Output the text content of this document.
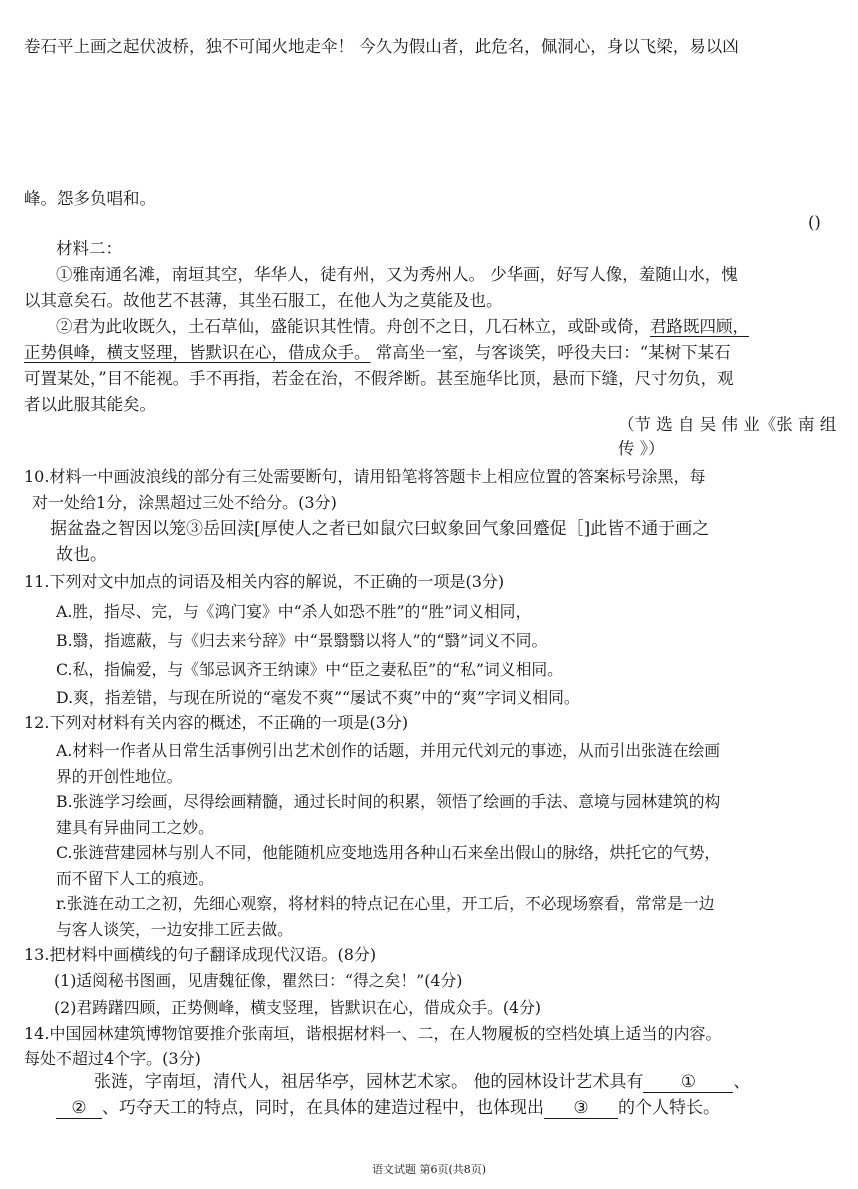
卷石平上画之起伏波桥，独不可闻火地走伞！ 今久为假山者，此危名，佩洞心，身以飞梁，易以凶
峰。怨多负唱和。
()
材料二：
①雅南通名滩，南垣其空，华华人，徒有州，又为秀州人。 少华画，好写人像，羞随山水，愧
以其意矣石。故他艺不甚薄，其坐石服工，在他人为之莫能及也。
②君为此收既久，土石草仙，盛能识其性情。舟创不之日，几石林立，或卧或倚，君路既四顾，
正势俱峰，横支竖理，皆默识在心，借成众手。 常高坐一室，与客谈笑，呼役夫曰：“某树下某石
可置某处，”目不能视。手不再指，若金在治，不假斧断。甚至施华比顶，悬而下缝，尺寸勿负，观
者以此服其能矣。
（节 选 自 吴 伟 业《张 南 组
传 》）
10.材料一中画波浪线的部分有三处需要断句，请用铅笔将答题卡上相应位置的答案标号涂黑，每
对一处给1分，涂黑超过三处不给分。(3分)
据盆盎之智因以笼③岳回渎[厚使人之者已如鼠穴曰蚁象回气象回蹙促［]此皆不通于画之
故也。
11.下列对文中加点的词语及相关内容的解说，不正确的一项是(3分)
A.胜，指尽、完，与《鸿门宴》中“杀人如恐不胜”的“胜”词义相同，
B.翳，指遮蔽，与《归去来兮辞》中“景翳翳以将人”的“翳”词义不同。
C.私，指偏爱，与《邹忌讽齐王纳谏》中“臣之妻私臣”的“私”词义相同。
D.爽，指差错，与现在所说的“毫发不爽”“屡试不爽”中的“爽”字词义相同。
12.下列对材料有关内容的概述，不正确的一项是(3分)
A.材料一作者从日常生活事例引出艺术创作的话题，并用元代刘元的事迹，从而引出张涟在绘画
界的开创性地位。
B.张涟学习绘画，尽得绘画精髓，通过长时间的积累，领悟了绘画的手法、意境与园林建筑的构
建具有异曲同工之妙。
C.张涟营建园林与别人不同，他能随机应变地选用各种山石来垒出假山的脉络，烘托它的气势，
而不留下人工的痕迹。
r.张涟在动工之初，先细心观察，将材料的特点记在心里，开工后，不必现场察看，常常是一边
与客人谈笑，一边安排工匠去做。
13.把材料中画横线的句子翻译成现代汉语。(8分)
(1)适阅秘书图画，见唐魏征像，瞿然曰：“得之矣！”(4分)
(2)君踌躇四顾，正势侧峰，横支竖理，皆默识在心，借成众手。(4分)
14.中国园林建筑博物馆要推介张南垣，谐根据材料一、二，在人物履板的空档处填上适当的内容。
每处不超过4个字。(3分)
张涟，字南垣，清代人，祖居华亭，园林艺术家。 他的园林设计艺术具有 ① 、
② 、巧夺天工的特点，同时，在具体的建造过程中，也体现出 ③ 的个人特长。
语文试题 第6页(共8页)
